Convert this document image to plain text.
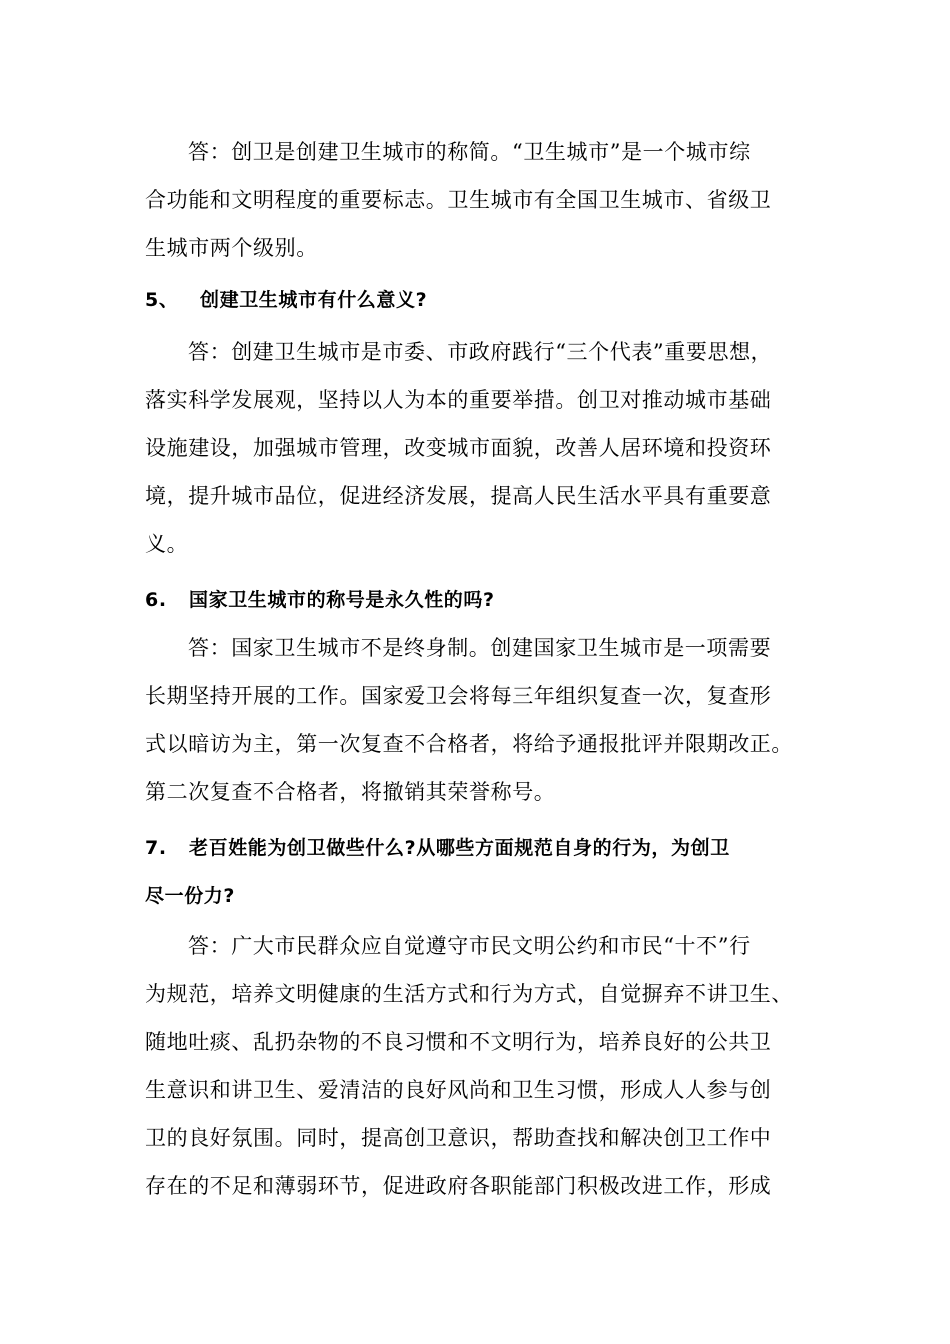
答：创卫是创建卫生城市的称简。“卫生城市”是一个城市综
合功能和文明程度的重要标志。卫生城市有全国卫生城市、省级卫
生城市两个级别。
5、 创建卫生城市有什么意义?
答：创建卫生城市是市委、市政府践行“三个代表”重要思想，
落实科学发展观，坚持以人为本的重要举措。创卫对推动城市基础
设施建设，加强城市管理，改变城市面貌，改善人居环境和投资环
境，提升城市品位，促进经济发展，提高人民生活水平具有重要意
义。
6. 国家卫生城市的称号是永久性的吗?
答：国家卫生城市不是终身制。创建国家卫生城市是一项需要
长期坚持开展的工作。国家爱卫会将每三年组织复查一次，复查形
式以暗访为主，第一次复查不合格者，将给予通报批评并限期改正。
第二次复查不合格者，将撤销其荣誉称号。
7. 老百姓能为创卫做些什么?从哪些方面规范自身的行为，为创卫
尽一份力?
答：广大市民群众应自觉遵守市民文明公约和市民“十不”行
为规范，培养文明健康的生活方式和行为方式，自觉摒弃不讲卫生、
随地吐痰、乱扔杂物的不良习惯和不文明行为，培养良好的公共卫
生意识和讲卫生、爱清洁的良好风尚和卫生习惯，形成人人参与创
卫的良好氛围。同时，提高创卫意识，帮助查找和解决创卫工作中
存在的不足和薄弱环节，促进政府各职能部门积极改进工作，形成
